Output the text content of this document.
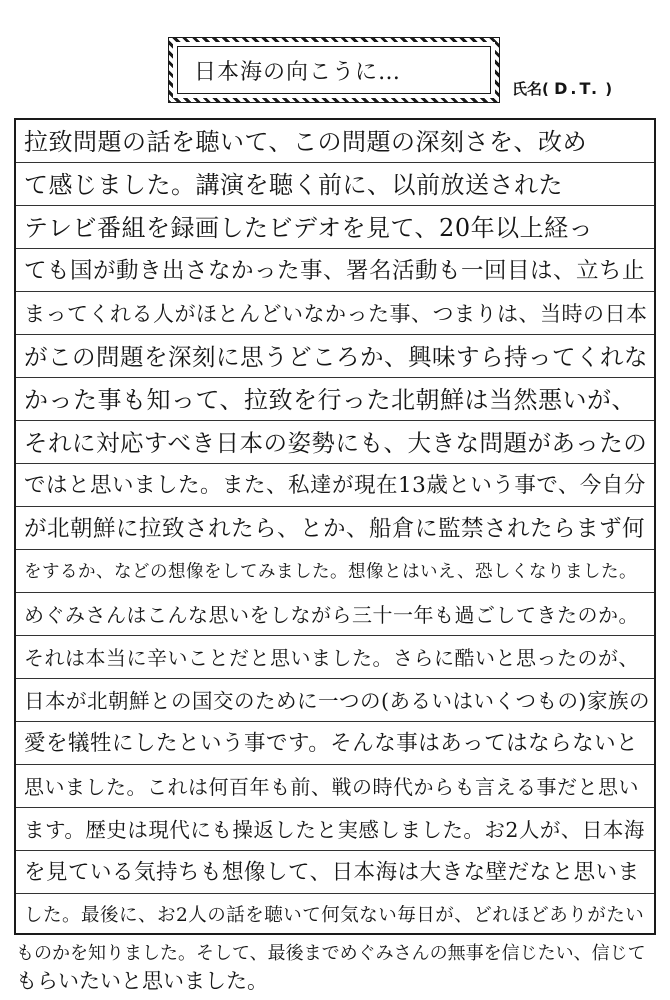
日本海の向こうに…
氏名( D.T. )
拉致問題の話を聴いて、この問題の深刻さを、改め
て感じました。講演を聴く前に、以前放送された
テレビ番組を録画したビデオを見て、20年以上経っ
ても国が動き出さなかった事、署名活動も一回目は、立ち止
まってくれる人がほとんどいなかった事、つまりは、当時の日本
がこの問題を深刻に思うどころか、興味すら持ってくれな
かった事も知って、拉致を行った北朝鮮は当然悪いが、
それに対応すべき日本の姿勢にも、大きな問題があったの
ではと思いました。また、私達が現在13歳という事で、今自分
が北朝鮮に拉致されたら、とか、船倉に監禁されたらまず何
をするか、などの想像をしてみました。想像とはいえ、恐しくなりました。
めぐみさんはこんな思いをしながら三十一年も過ごしてきたのか。
それは本当に辛いことだと思いました。さらに酷いと思ったのが、
日本が北朝鮮との国交のために一つの(あるいはいくつもの)家族の
愛を犠牲にしたという事です。そんな事はあってはならないと
思いました。これは何百年も前、戦の時代からも言える事だと思い
ます。歴史は現代にも操返したと実感しました。お2人が、日本海
を見ている気持ちも想像して、日本海は大きな壁だなと思いま
した。最後に、お2人の話を聴いて何気ない毎日が、どれほどありがたい
ものかを知りました。そして、最後までめぐみさんの無事を信じたい、信じて
もらいたいと思いました。
